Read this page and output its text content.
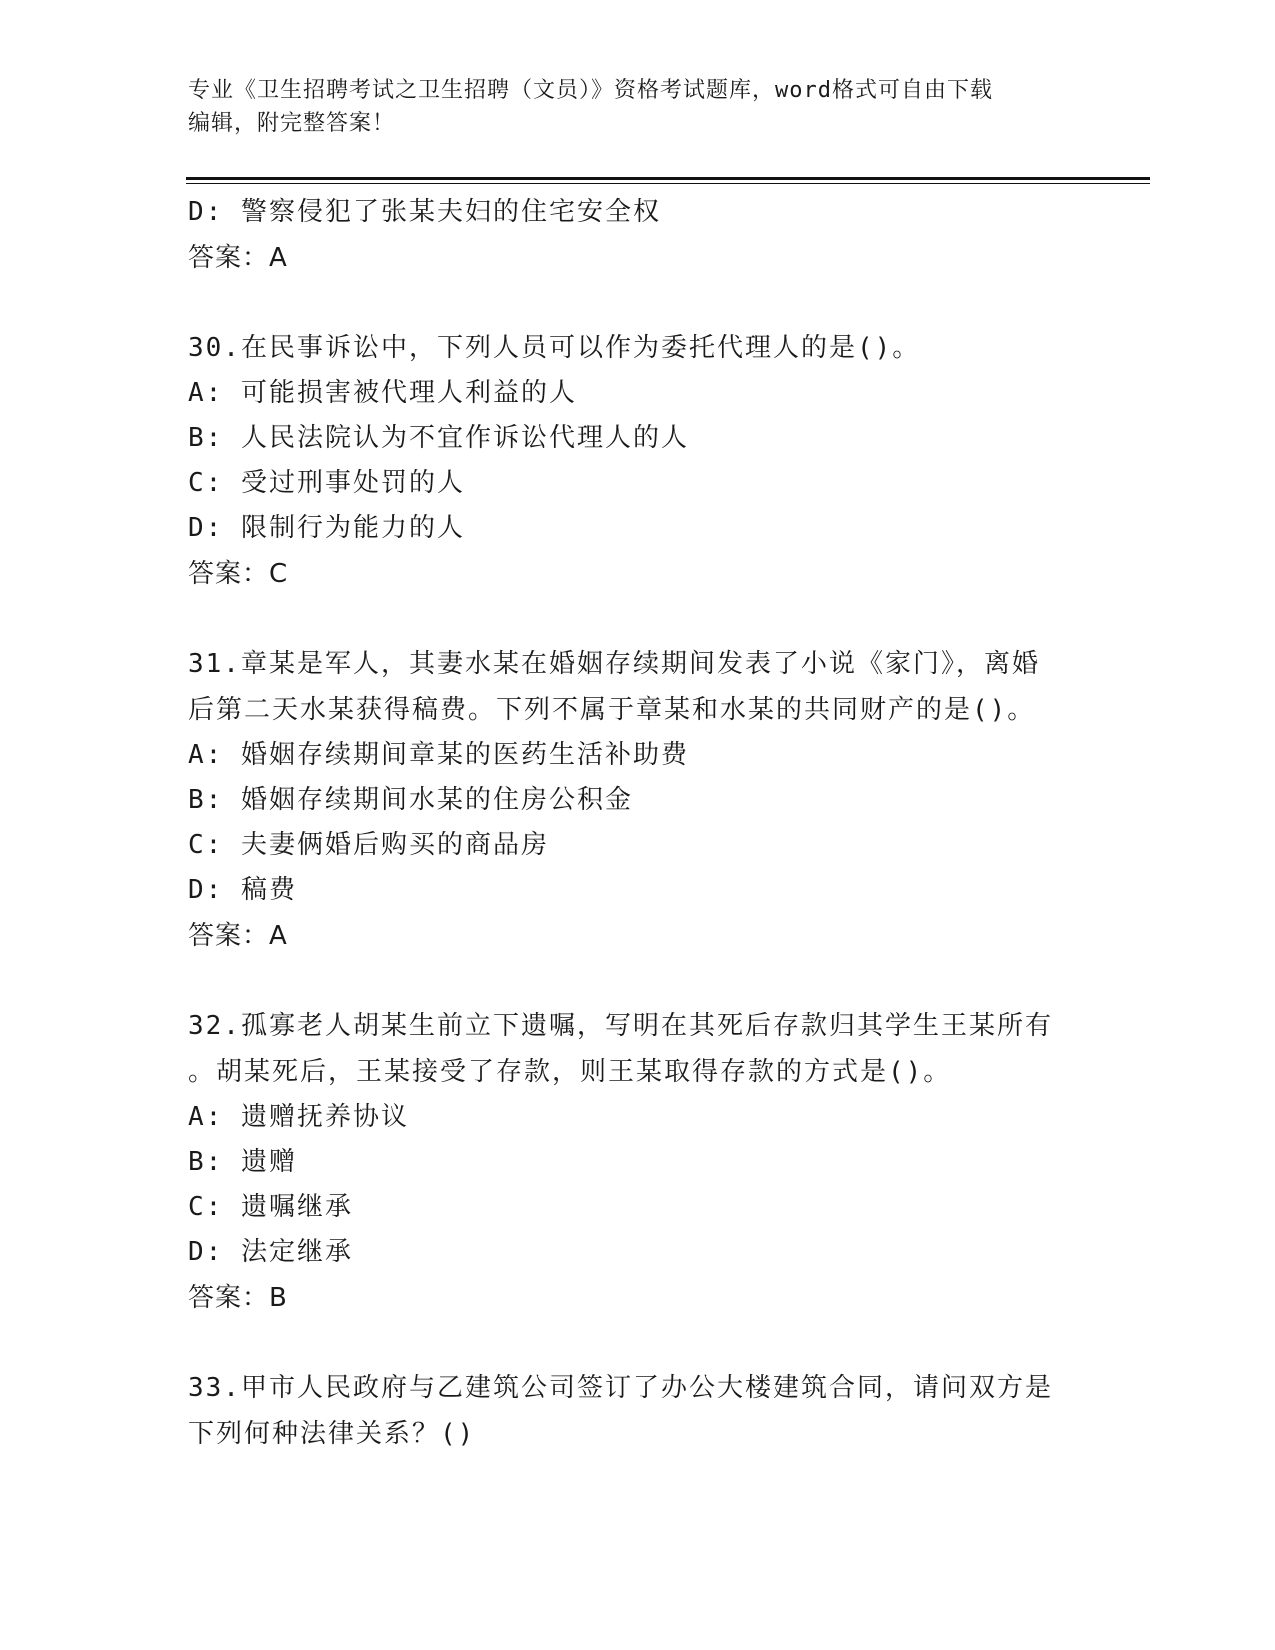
专业《卫生招聘考试之卫生招聘（文员）》资格考试题库，word格式可自由下载
编辑，附完整答案！
D: 警察侵犯了张某夫妇的住宅安全权
答案：A
30.在民事诉讼中，下列人员可以作为委托代理人的是()。
A: 可能损害被代理人利益的人
B: 人民法院认为不宜作诉讼代理人的人
C: 受过刑事处罚的人
D: 限制行为能力的人
答案：C
31.章某是军人，其妻水某在婚姻存续期间发表了小说《家门》，离婚
后第二天水某获得稿费。下列不属于章某和水某的共同财产的是()。
A: 婚姻存续期间章某的医药生活补助费
B: 婚姻存续期间水某的住房公积金
C: 夫妻俩婚后购买的商品房
D: 稿费
答案：A
32.孤寡老人胡某生前立下遗嘱，写明在其死后存款归其学生王某所有
。胡某死后，王某接受了存款，则王某取得存款的方式是()。
A: 遗赠抚养协议
B: 遗赠
C: 遗嘱继承
D: 法定继承
答案：B
33.甲市人民政府与乙建筑公司签订了办公大楼建筑合同，请问双方是
下列何种法律关系？()
